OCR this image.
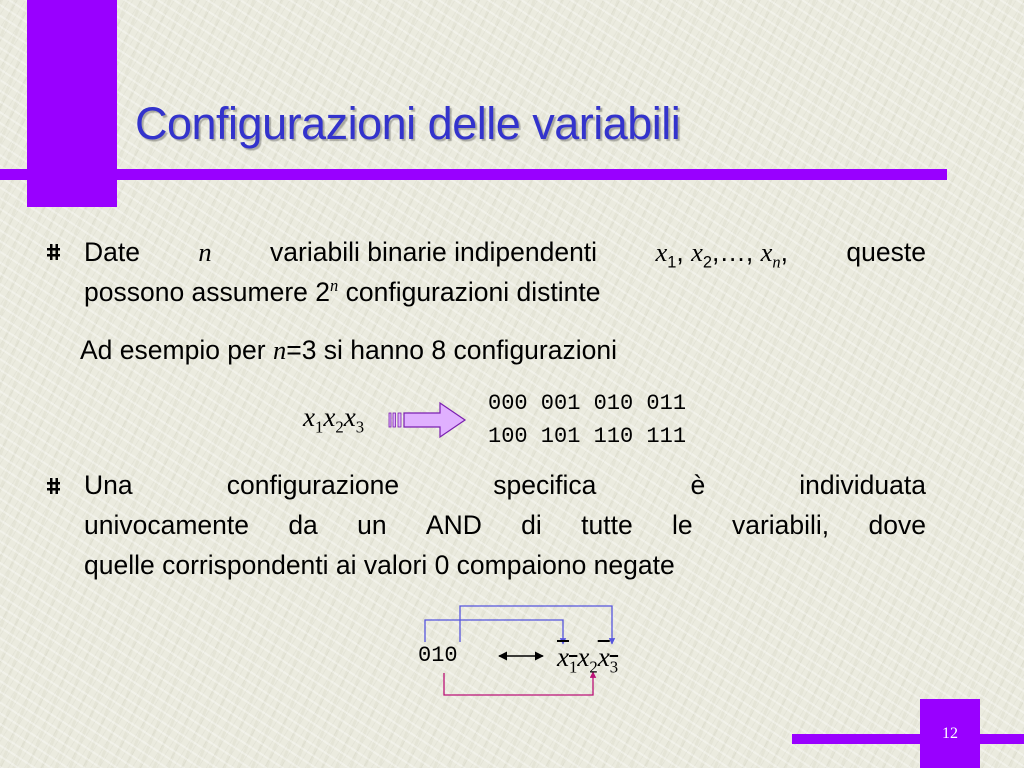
Configurazioni delle variabili
Date n variabili binarie indipendenti $x_1$, $x_2,\dots$, $x_n$, queste
possono assumere 2$^n$ configurazioni distinte
Ad esempio per n=3 si hanno 8 configurazioni
$x_1x_2x_3$
000 001 010 011
100 101 110 111
Una	configurazione	specifica	è	individuata
univocamente da un AND di tutte le variabili, dove
quelle corrispondenti ai valori 0 compaiono negate
010	$x_1x_2x_3$
12
